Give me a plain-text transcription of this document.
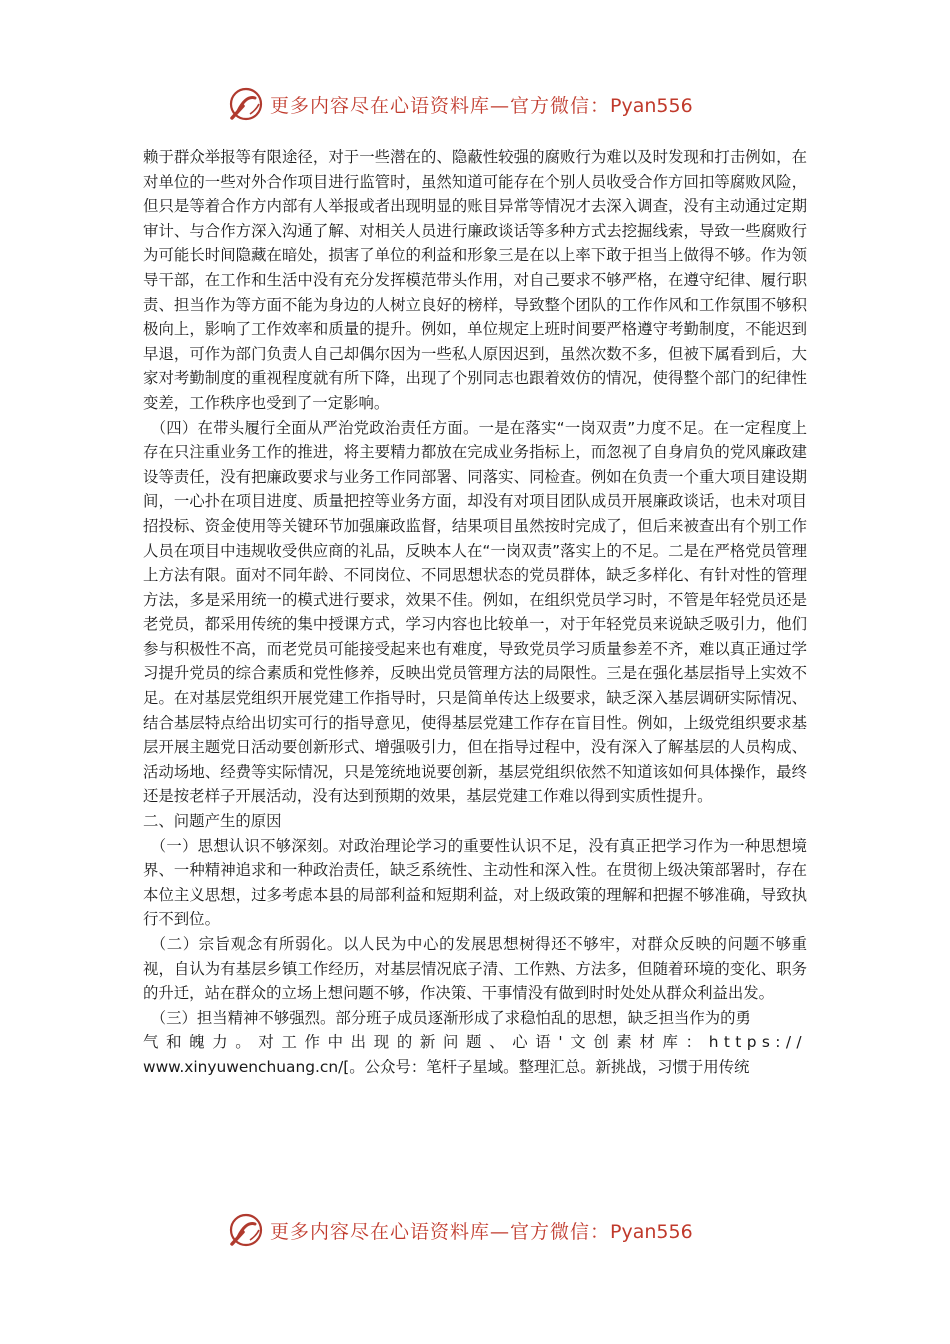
更多内容尽在心语资料库—官方微信：Pyan556

赖于群众举报等有限途径，对于一些潜在的、隐蔽性较强的腐败行为难以及时发现和打击例如，在对单位的一些对外合作项目进行监管时，虽然知道可能存在个别人员收受合作方回扣等腐败风险，但只是等着合作方内部有人举报或者出现明显的账目异常等情况才去深入调查，没有主动通过定期审计、与合作方深入沟通了解、对相关人员进行廉政谈话等多种方式去挖掘线索，导致一些腐败行为可能长时间隐藏在暗处，损害了单位的利益和形象三是在以上率下敢于担当上做得不够。作为领导干部，在工作和生活中没有充分发挥模范带头作用，对自己要求不够严格，在遵守纪律、履行职责、担当作为等方面不能为身边的人树立良好的榜样，导致整个团队的工作作风和工作氛围不够积极向上，影响了工作效率和质量的提升。例如，单位规定上班时间要严格遵守考勤制度，不能迟到早退，可作为部门负责人自己却偶尔因为一些私人原因迟到，虽然次数不多，但被下属看到后，大家对考勤制度的重视程度就有所下降，出现了个别同志也跟着效仿的情况，使得整个部门的纪律性变差，工作秩序也受到了一定影响。

（四）在带头履行全面从严治党政治责任方面。一是在落实“一岗双责”力度不足。在一定程度上存在只注重业务工作的推进，将主要精力都放在完成业务指标上，而忽视了自身肩负的党风廉政建设等责任，没有把廉政要求与业务工作同部署、同落实、同检查。例如在负责一个重大项目建设期间，一心扑在项目进度、质量把控等业务方面，却没有对项目团队成员开展廉政谈话，也未对项目招投标、资金使用等关键环节加强廉政监督，结果项目虽然按时完成了，但后来被查出有个别工作人员在项目中违规收受供应商的礼品，反映本人在“一岗双责”落实上的不足。二是在严格党员管理上方法有限。面对不同年龄、不同岗位、不同思想状态的党员群体，缺乏多样化、有针对性的管理方法，多是采用统一的模式进行要求，效果不佳。例如，在组织党员学习时，不管是年轻党员还是老党员，都采用传统的集中授课方式，学习内容也比较单一，对于年轻党员来说缺乏吸引力，他们参与积极性不高，而老党员可能接受起来也有难度，导致党员学习质量参差不齐，难以真正通过学习提升党员的综合素质和党性修养，反映出党员管理方法的局限性。三是在强化基层指导上实效不足。在对基层党组织开展党建工作指导时，只是简单传达上级要求，缺乏深入基层调研实际情况、结合基层特点给出切实可行的指导意见，使得基层党建工作存在盲目性。例如，上级党组织要求基层开展主题党日活动要创新形式、增强吸引力，但在指导过程中，没有深入了解基层的人员构成、活动场地、经费等实际情况，只是笼统地说要创新，基层党组织依然不知道该如何具体操作，最终还是按老样子开展活动，没有达到预期的效果，基层党建工作难以得到实质性提升。

二、问题产生的原因

（一）思想认识不够深刻。对政治理论学习的重要性认识不足，没有真正把学习作为一种思想境界、一种精神追求和一种政治责任，缺乏系统性、主动性和深入性。在贯彻上级决策部署时，存在本位主义思想，过多考虑本县的局部利益和短期利益，对上级政策的理解和把握不够准确，导致执行不到位。

（二）宗旨观念有所弱化。以人民为中心的发展思想树得还不够牢，对群众反映的问题不够重视，自认为有基层乡镇工作经历，对基层情况底子清、工作熟、方法多，但随着环境的变化、职务的升迁，站在群众的立场上想问题不够，作决策、干事情没有做到时时处处从群众利益出发。

（三）担当精神不够强烈。部分班子成员逐渐形成了求稳怕乱的思想，缺乏担当作为的勇

气和魄力。对工作中出现的新问题、心语'文创素材库：https://

www.xinyuwenchuang.cn/[。公众号：笔杆子星域。整理汇总。新挑战，习惯于用传统

更多内容尽在心语资料库—官方微信：Pyan556
